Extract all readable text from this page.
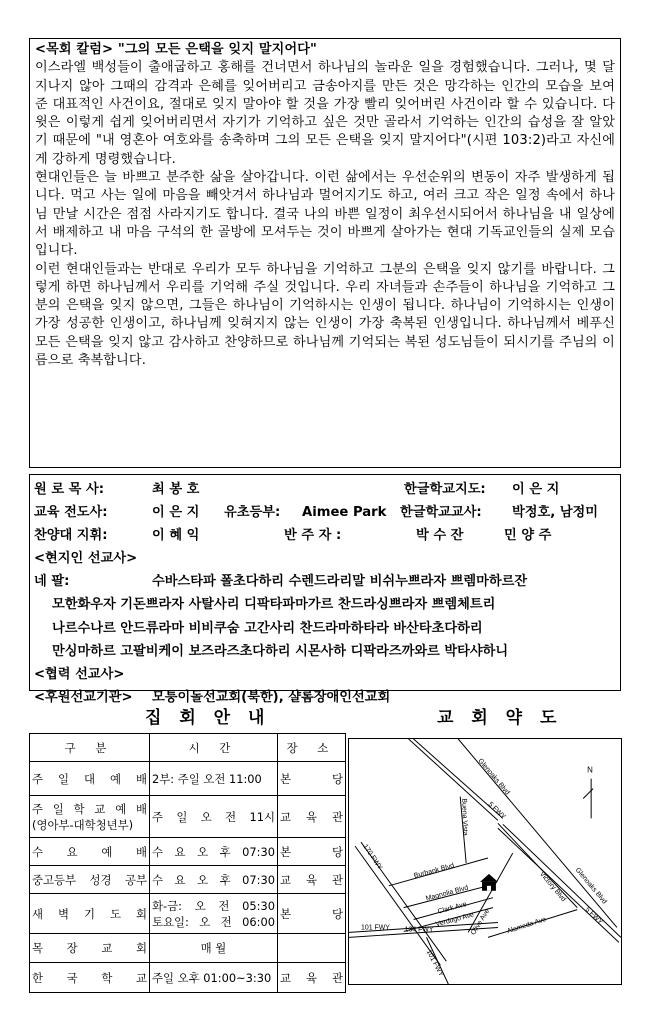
<목회 칼럼> "그의 모든 은택을 잊지 말지어다"

이스라엘 백성들이 출애굽하고 홍해를 건너면서 하나님의 놀라운 일을 경험했습니다. 그러나, 몇 달 지나지 않아 그때의 감격과 은혜를 잊어버리고 금송아지를 만든 것은 망각하는 인간의 모습을 보여 준 대표적인 사건이요, 절대로 잊지 말아야 할 것을 가장 빨리 잊어버린 사건이라 할 수 있습니다. 다윗은 이렇게 쉽게 잊어버리면서 자기가 기억하고 싶은 것만 골라서 기억하는 인간의 습성을 잘 알았기 때문에 "내 영혼아 여호와를 송축하며 그의 모든 은택을 잊지 말지어다"(시편 103:2)라고 자신에게 강하게 명령했습니다.

현대인들은 늘 바쁘고 분주한 삶을 살아갑니다. 이런 삶에서는 우선순위의 변동이 자주 발생하게 됩니다. 먹고 사는 일에 마음을 빼앗겨서 하나님과 멀어지기도 하고, 여러 크고 작은 일정 속에서 하나님 만날 시간은 점점 사라지기도 합니다. 결국 나의 바쁜 일정이 최우선시되어서 하나님을 내 일상에서 배제하고 내 마음 구석의 한 골방에 모셔두는 것이 바쁘게 살아가는 현대 기독교인들의 실제 모습입니다.

이런 현대인들과는 반대로 우리가 모두 하나님을 기억하고 그분의 은택을 잊지 않기를 바랍니다. 그렇게 하면 하나님께서 우리를 기억해 주실 것입니다. 우리 자녀들과 손주들이 하나님을 기억하고 그분의 은택을 잊지 않으면, 그들은 하나님이 기억하시는 인생이 됩니다. 하나님이 기억하시는 인생이 가장 성공한 인생이고, 하나님께 잊혀지지 않는 인생이 가장 축복된 인생입니다. 하나님께서 베푸신 모든 은택을 잊지 않고 감사하고 찬양하므로 하나님께 기억되는 복된 성도님들이 되시기를 주님의 이름으로 축복합니다.

원 로 목 사:	최 봉 호	한글학교지도: 이 은 지
교육 전도사:	이 은 지 유초등부: Aimee Park 한글학교교사: 박정호, 남정미
찬양대 지휘:	이 혜 익	반 주 자 :	박 수 잔	민 양 주
<현지인 선교사>
네 팔:	수바스타파 폴초다하리 수렌드라리말 비쉬누쁘라자 쁘렘마하르잔
모한화우자 기돈쁘라자 사탈사리 디팍타파마가르 찬드라싱쁘라자 쁘렘체트리
나르수나르 안드류라마 비비쿠숨 고간사리 찬드라마하타라 바산타초다하리
만싱마하르 고팔비케이 보즈라즈초다하리 시몬사하 디팍라즈까와르 박타샤하니
<협력 선교사>
<후원선교기관> 모퉁이돌선교회(북한), 샬롬장애인선교회
집 회 안 내	교 회 약 도
구 분	시 간	장 소
주 일 대 예 배	2부: 주일 오전 11:00	본 당

주 일 학 교 예 배
(영아부-대학청년부)	주 일 오 전 11시	교 육 관
수 요 예 배	수 요 오 후 07:30	본 당
중고등부 성경 공부	수 요 오 후 07:30	교 육 관
새 벽 기 도 회	화-금: 오 전 05:30
토요일: 오 전 06:00	본 당
목 장 교 회	매 월	
한 국 학 교	주일 오후 01:00~3:30	교 육 관
N
Glenoaks Blvd
5 FWY
Buena Vista
170 FWY	Burbank Blvd
Magnolia Blvd
Clark Ave
Verdugo Ave
Olive Ave
Victory Blvd
Alameda Ave
Glenoaks Blvd
5 FWY
101 FWY 134 FWY
101 FWY
